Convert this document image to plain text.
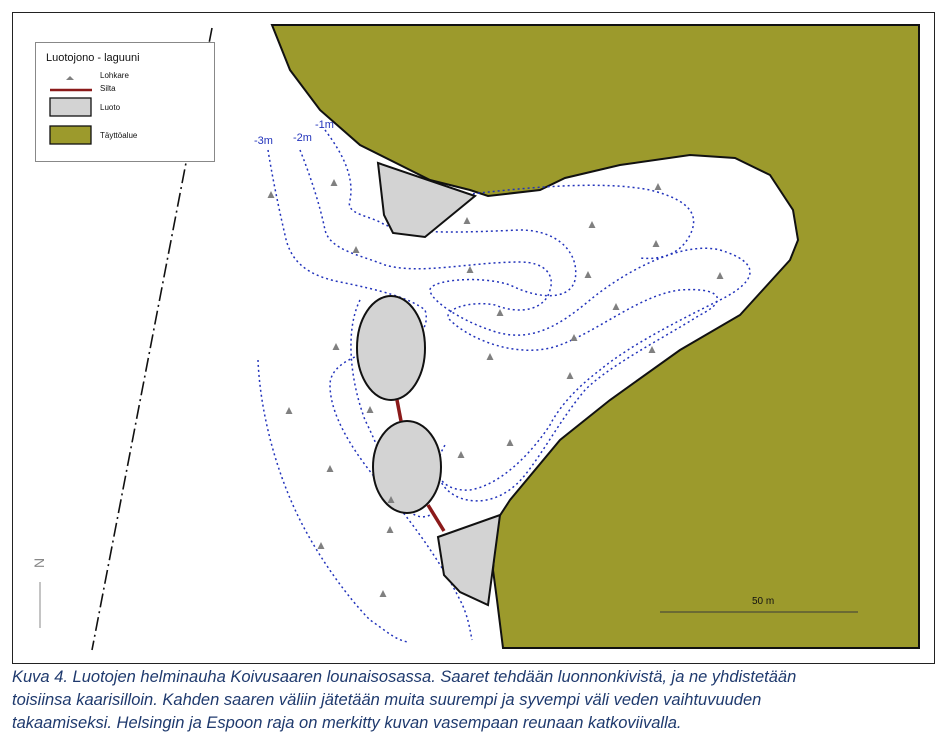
-3m -2m
-1m
50 m
N
Luotojono - laguuni
Lohkare
Silta
Luoto
Täyttöalue
Kuva 4. Luotojen helminauha Koivusaaren lounaisosassa. Saaret tehdään luonnonkivistä, ja ne yhdistetään
toisiinsa kaarisilloin. Kahden saaren väliin jätetään muita suurempi ja syvempi väli veden vaihtuvuuden
takaamiseksi. Helsingin ja Espoon raja on merkitty kuvan vasempaan reunaan katkoviivalla.
